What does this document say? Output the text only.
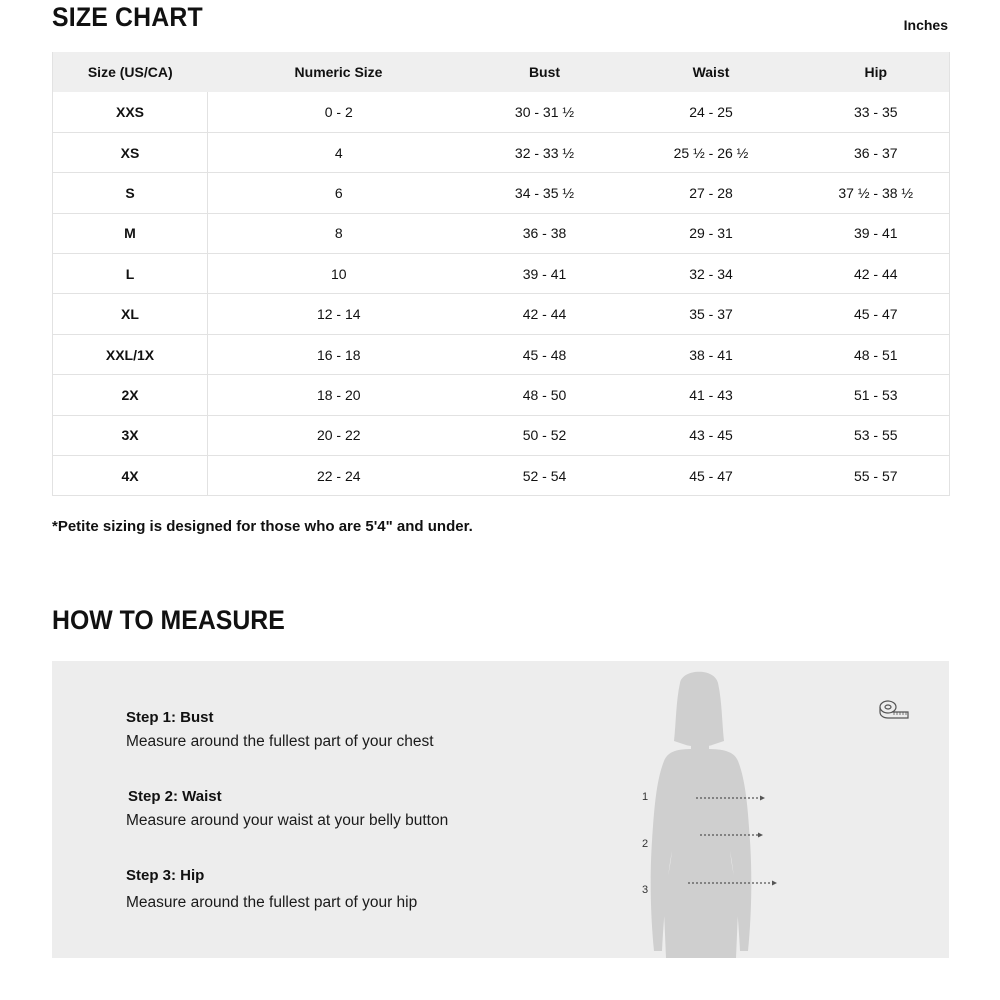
SIZE CHART	Inches
Size (US/CA)	Numeric Size	Bust	Waist	Hip
XXS	0 - 2	30 - 31 ½	24 - 25	33 - 35
XS	4	32 - 33 ½	25 ½ - 26 ½	36 - 37
S	6	34 - 35 ½	27 - 28	37 ½ - 38 ½
M	8	36 - 38	29 - 31	39 - 41
L	10	39 - 41	32 - 34	42 - 44
XL	12 - 14	42 - 44	35 - 37	45 - 47
XXL/1X	16 - 18	45 - 48	38 - 41	48 - 51
2X	18 - 20	48 - 50	41 - 43	51 - 53
3X	20 - 22	50 - 52	43 - 45	53 - 55
4X	22 - 24	52 - 54	45 - 47	55 - 57
*Petite sizing is designed for those who are 5'4" and under.
HOW TO MEASURE
Step 1: Bust
Measure around the fullest part of your chest
Step 2: Waist
Measure around your waist at your belly button
Step 3: Hip
Measure around the fullest part of your hip
1
2
3
